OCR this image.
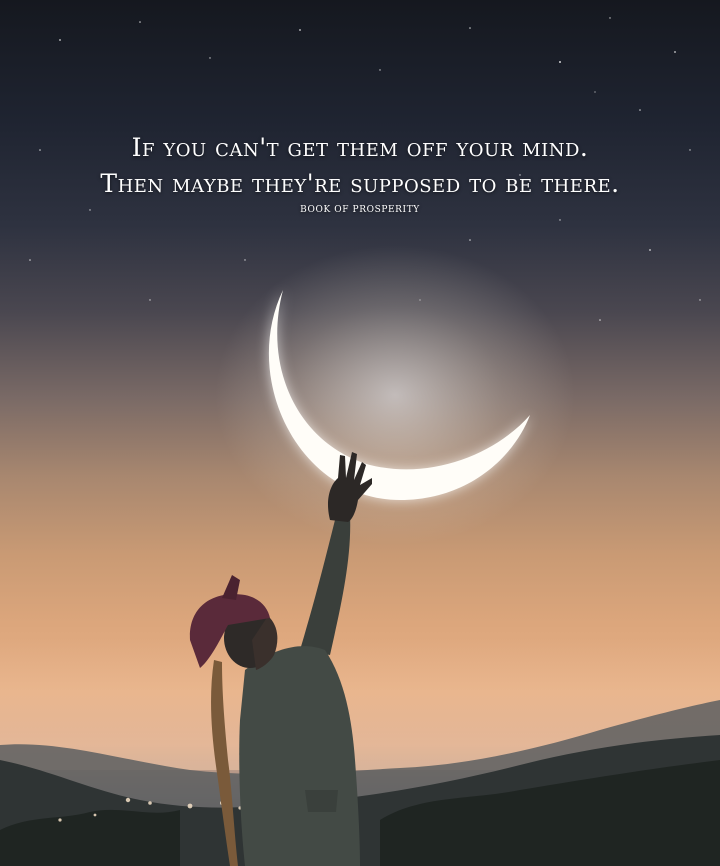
If you can't get them off your mind.
Then maybe they're supposed to be there.
BOOK OF PROSPERITY
